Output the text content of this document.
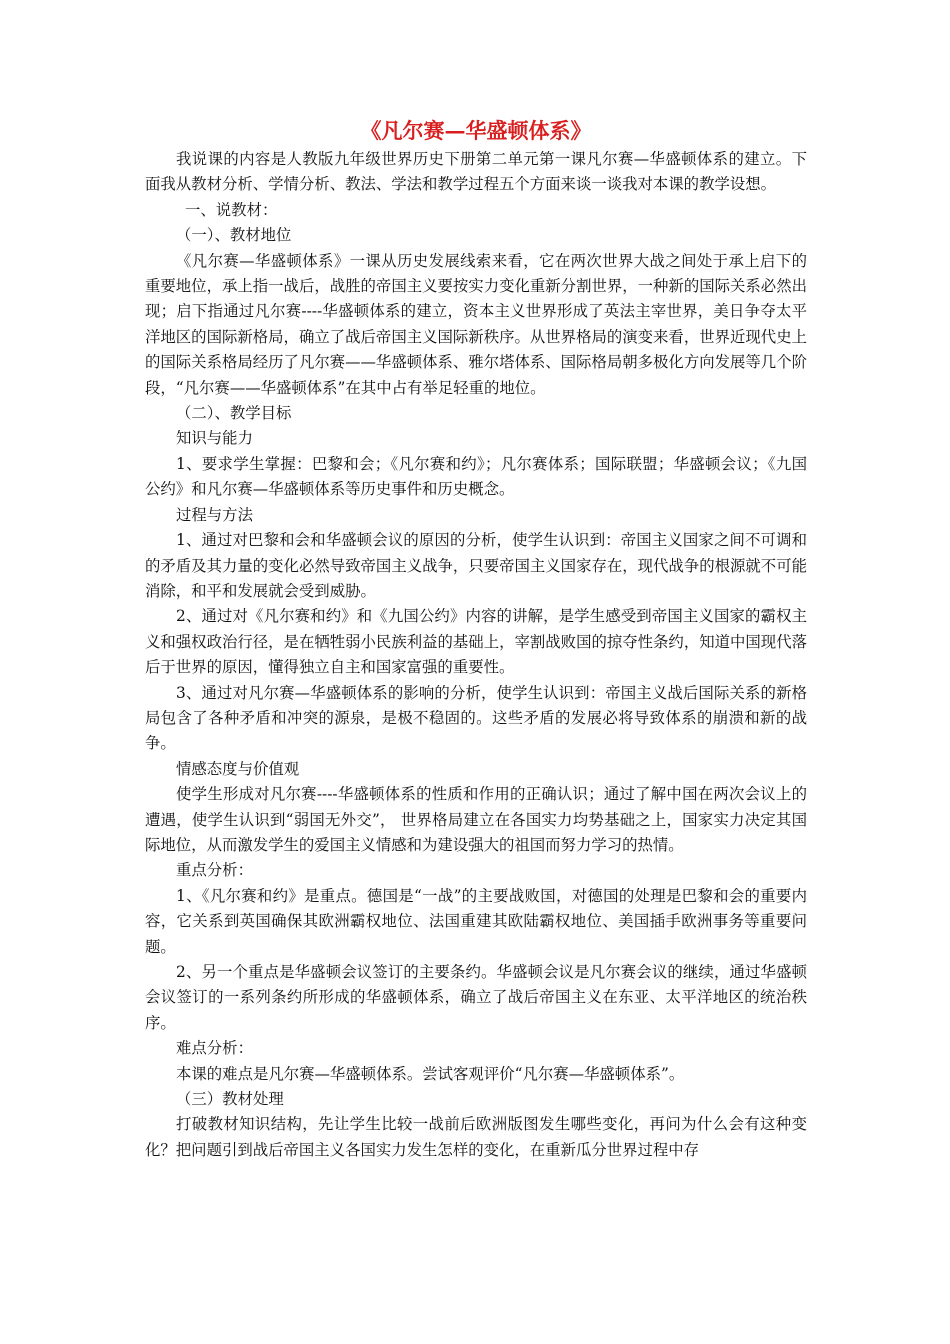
《凡尔赛—华盛顿体系》

我说课的内容是人教版九年级世界历史下册第二单元第一课凡尔赛—华盛顿体系的建立。下面我从教材分析、学情分析、教法、学法和教学过程五个方面来谈一谈我对本课的教学设想。

一、说教材：

（一）、教材地位

《凡尔赛—华盛顿体系》一课从历史发展线索来看，它在两次世界大战之间处于承上启下的重要地位，承上指一战后，战胜的帝国主义要按实力变化重新分割世界，一种新的国际关系必然出现；启下指通过凡尔赛----华盛顿体系的建立，资本主义世界形成了英法主宰世界，美日争夺太平洋地区的国际新格局，确立了战后帝国主义国际新秩序。从世界格局的演变来看，世界近现代史上的国际关系格局经历了凡尔赛——华盛顿体系、雅尔塔体系、国际格局朝多极化方向发展等几个阶段，“凡尔赛——华盛顿体系”在其中占有举足轻重的地位。

（二）、教学目标

知识与能力

1、要求学生掌握：巴黎和会；《凡尔赛和约》；凡尔赛体系；国际联盟；华盛顿会议；《九国公约》和凡尔赛—华盛顿体系等历史事件和历史概念。

过程与方法

1、通过对巴黎和会和华盛顿会议的原因的分析，使学生认识到：帝国主义国家之间不可调和的矛盾及其力量的变化必然导致帝国主义战争，只要帝国主义国家存在，现代战争的根源就不可能消除，和平和发展就会受到威胁。

2、通过对《凡尔赛和约》和《九国公约》内容的讲解，是学生感受到帝国主义国家的霸权主义和强权政治行径，是在牺牲弱小民族利益的基础上，宰割战败国的掠夺性条约，知道中国现代落后于世界的原因，懂得独立自主和国家富强的重要性。

3、通过对凡尔赛—华盛顿体系的影响的分析，使学生认识到：帝国主义战后国际关系的新格局包含了各种矛盾和冲突的源泉，是极不稳固的。这些矛盾的发展必将导致体系的崩溃和新的战争。

情感态度与价值观

使学生形成对凡尔赛----华盛顿体系的性质和作用的正确认识；通过了解中国在两次会议上的遭遇，使学生认识到“弱国无外交”， 世界格局建立在各国实力均势基础之上，国家实力决定其国际地位，从而激发学生的爱国主义情感和为建设强大的祖国而努力学习的热情。

重点分析：

1、《凡尔赛和约》是重点。德国是“一战”的主要战败国，对德国的处理是巴黎和会的重要内容，它关系到英国确保其欧洲霸权地位、法国重建其欧陆霸权地位、美国插手欧洲事务等重要问题。

2、另一个重点是华盛顿会议签订的主要条约。华盛顿会议是凡尔赛会议的继续，通过华盛顿会议签订的一系列条约所形成的华盛顿体系，确立了战后帝国主义在东亚、太平洋地区的统治秩序。

难点分析：

本课的难点是凡尔赛—华盛顿体系。尝试客观评价“凡尔赛—华盛顿体系”。

（三）教材处理

打破教材知识结构，先让学生比较一战前后欧洲版图发生哪些变化，再问为什么会有这种变化？把问题引到战后帝国主义各国实力发生怎样的变化，在重新瓜分世界过程中存
